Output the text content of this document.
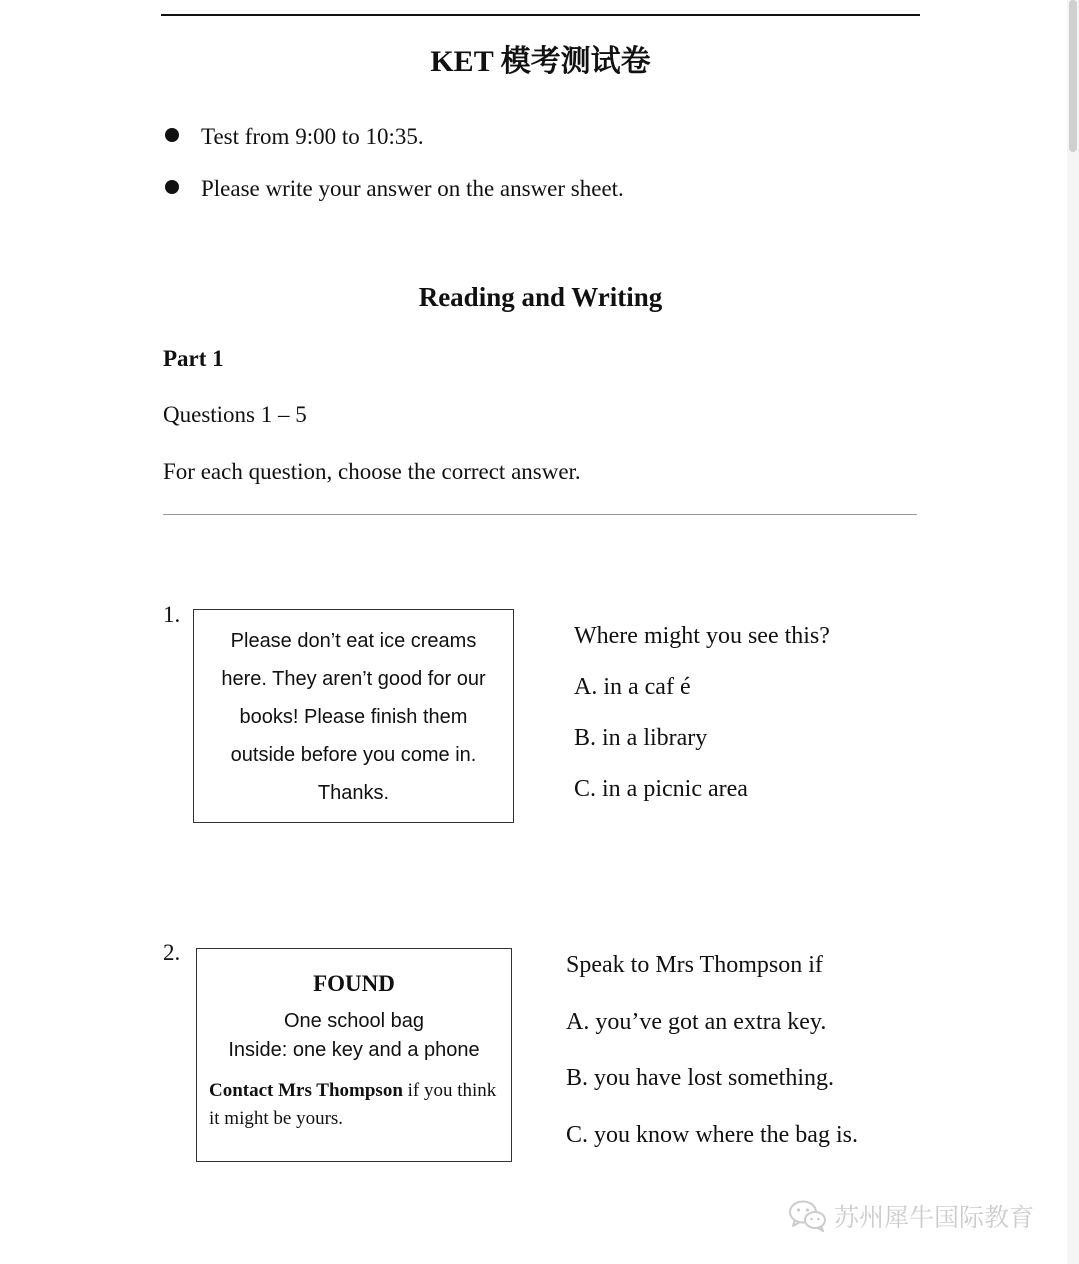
KET 模考测试卷
Test from 9:00 to 10:35.
Please write your answer on the answer sheet.
Reading and Writing
Part 1
Questions 1 – 5
For each question, choose the correct answer.
1.
Please don’t eat ice creams
here. They aren’t good for our
books! Please finish them
outside before you come in.
Thanks.
Where might you see this?
A. in a caf é
B. in a library
C. in a picnic area
2.
FOUND
One school bag
Inside: one key and a phone
Contact Mrs Thompson if you think it might be yours.
Speak to Mrs Thompson if
A. you’ve got an extra key.
B. you have lost something.
C. you know where the bag is.
苏州犀牛国际教育
